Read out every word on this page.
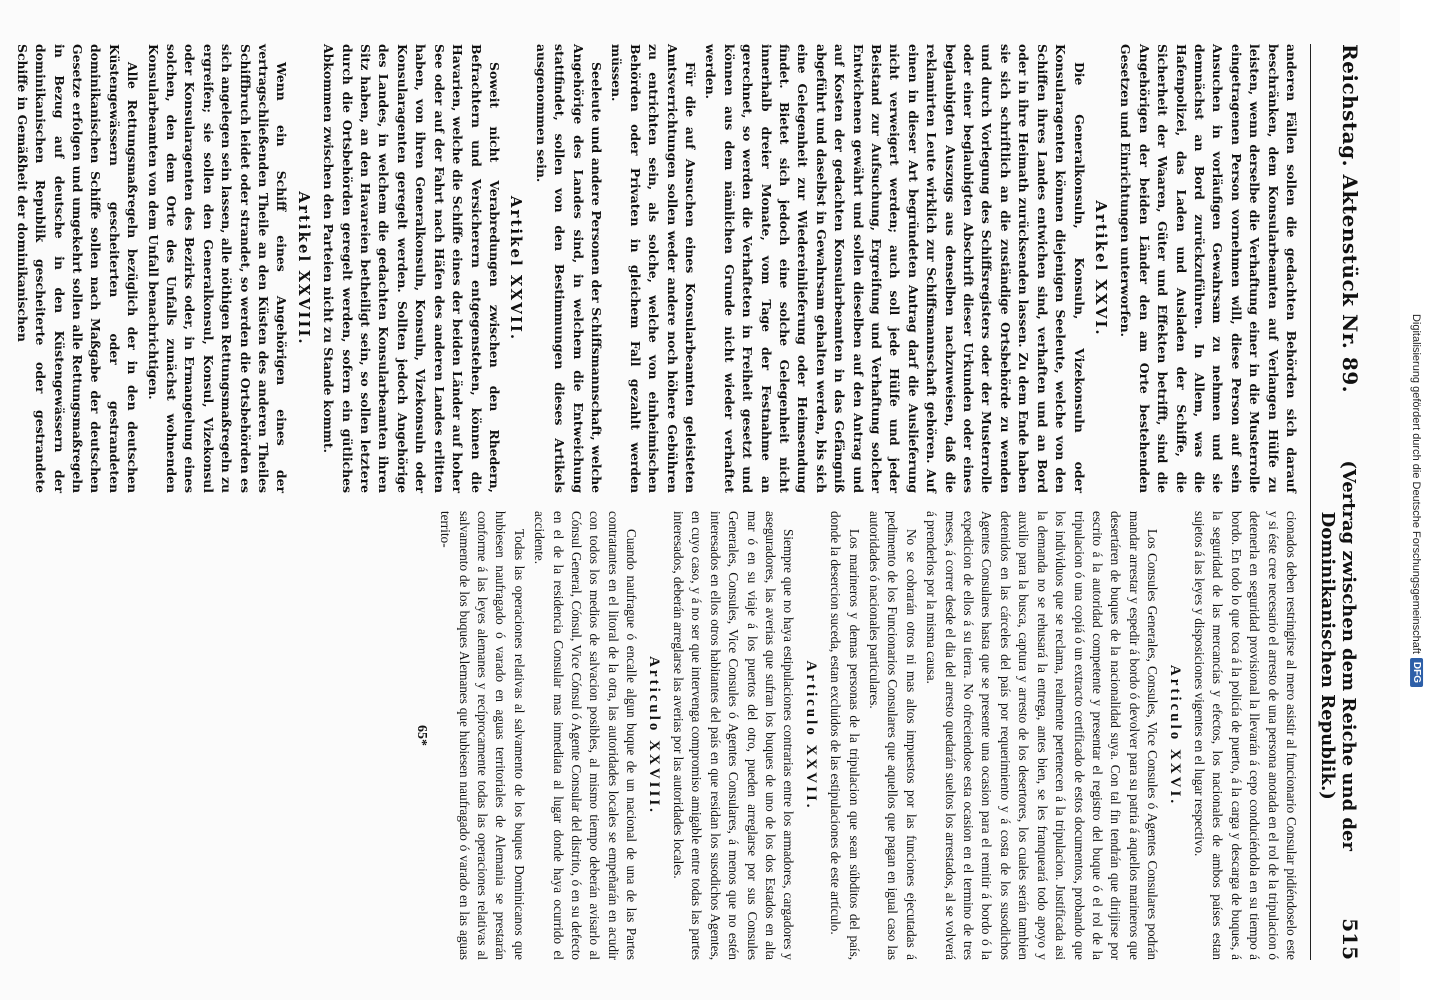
Reichstag. Aktenstück Nr. 89.
(Vertrag zwischen dem Reiche und der Dominikanischen Republik.)
515

anderen Fällen sollen die gedachten Behörden sich darauf beschränken, dem Konsularbeamten auf Verlangen Hülfe zu leisten, wenn derselbe die Verhaftung einer in die Musterrolle eingetragenen Person vornehmen will, diese Person auf sein Ansuchen in vorläufigen Gewahrsam zu nehmen und sie demnächst an Bord zurückzuführen. In Allem, was die Hafenpolizei, das Laden und Ausladen der Schiffe, die Sicherheit der Waaren, Güter und Effekten betrifft, sind die Angehörigen der beiden Länder den am Orte bestehenden Gesetzen und Einrichtungen unterworfen.

Artikel XXVI.

Die Generalkonsuln, Konsuln, Vizekonsuln oder Konsularagenten können diejenigen Seeleute, welche von den Schiffen ihres Landes entwichen sind, verhaften und an Bord oder in ihre Heimath zurücksenden lassen. Zu dem Ende haben sie sich schriftlich an die zuständige Ortsbehörde zu wenden und durch Vorlegung des Schiffsregisters oder der Musterrolle oder einer beglaubigten Abschrift dieser Urkunden oder eines beglaubigten Auszugs aus denselben nachzuweisen, daß die reklamirten Leute wirklich zur Schiffsmannschaft gehören. Auf einen in dieser Art begründeten Antrag darf die Auslieferung nicht verweigert werden; auch soll jede Hülfe und jeder Beistand zur Aufsuchung, Ergreifung und Verhaftung solcher Entwichenen gewährt und sollen dieselben auf den Antrag und auf Kosten der gedachten Konsularbeamten in das Gefängniß abgeführt und daselbst in Gewahrsam gehalten werden, bis sich eine Gelegenheit zur Wiedereinlieferung oder Heimsendung findet. Bietet sich jedoch eine solche Gelegenheit nicht innerhalb dreier Monate, vom Tage der Festnahme an gerechnet, so werden die Verhafteten in Freiheit gesetzt und können aus dem nämlichen Grunde nicht wieder verhaftet werden.

Für die auf Ansuchen eines Konsularbeamten geleisteten Amtsverrichtungen sollen weder andere noch höhere Gebühren zu entrichten sein, als solche, welche von einheimischen Behörden oder Privaten in gleichem Fall gezahlt werden müssen.

Seeleute und andere Personen der Schiffsmannschaft, welche Angehörige des Landes sind, in welchem die Entweichung stattfindet, sollen von den Bestimmungen dieses Artikels ausgenommen sein.

Artikel XXVII.

Soweit nicht Verabredungen zwischen den Rhedern, Befrachtern und Versicherern entgegenstehen, können die Havarien, welche die Schiffe eines der beiden Länder auf hoher See oder auf der Fahrt nach Häfen des anderen Landes erlitten haben, von ihren Generalkonsuln, Konsuln, Vizekonsuln oder Konsularagenten geregelt werden. Sollten jedoch Angehörige des Landes, in welchem die gedachten Konsularbeamten ihren Sitz haben, an den Havareien betheiligt sein, so sollen letztere durch die Ortsbehörden geregelt werden, sofern ein gütliches Abkommen zwischen den Parteien nicht zu Stande kommt.

Artikel XXVIII.

Wenn ein Schiff eines Angehörigen eines der vertragschließenden Theile an den Küsten des anderen Theiles Schiffbruch leidet oder strandet, so werden die Ortsbehörden es sich angelegen sein lassen, alle nöthigen Rettungsmaßregeln zu ergreifen; sie sollen den Generalkonsul, Konsul, Vizekonsul oder Konsularagenten des Bezirks oder, in Ermangelung eines solchen, den dem Orte des Unfalls zunächst wohnenden Konsularbeamten von dem Unfall benachrichtigen.

Alle Rettungsmaßregeln bezüglich der in den deutschen Küstengewässern gescheiterten oder gestrandeten dominikanischen Schiffe sollen nach Maßgabe der deutschen Gesetze erfolgen und umgekehrt sollen alle Rettungsmaßregeln in Bezug auf deutsche in den Küstengewässern der dominikanischen Republik gescheiterte oder gestrandete Schiffe in Gemäßheit der dominikanischen

cionados deben restringirse al mero asistir al funcionario Consular pidiéndoselo este y si éste cree necesario el arresto de una persona anotada en el rol de la tripulacion ó detenerla en seguridad provisional la llevarán á cepo conduciéndola en su tiempo á bordo. En todo lo que toca á la policía de puerto, á la carga y descarga de buques, á la seguridad de las mercancías y efectos, los nacionales de ambos países estan sujetos á las leyes y disposiciones vigentes en el lugar respectivo.

Articulo XXVI.

Los Consules Generales, Consules, Vice Consules ó Agentes Consulares podrán mandar arrestar y espedir á bordo ó devolver para su patria á aquellos marineros que desertáren de buques de la nacionalidad suya. Con tal fin tendrán que dirijirse por escrito á la autoridad competente y presentar el registro del buque ó el rol de la tripulacion ó una copiá ó un extracto certificado de estos documentos, probando que los individuos que se reclama, realmente pertenecen á la tripulacion. Justificada asi la demanda no se rehusará la entrega, antes bien, se les franqueará todo apoyo y auxilio para la busca, captura y arresto de los desertores, los cuales serán tambien detenidos en las cárceles del país por requerimiento y á costa de los susodichos Agentes Consulares hasta que se presente una ocasion para el remitir á bordo ó la expedicion de ellos á su tierra. No ofreciendose esta ocasion en el termino de tres meses, á correr desde el dia del arresto quedarán sueltos los arrestados, al se volverá á prenderlos por la misma causa.

No se cobrarán otros ni mas altos impuestos por las funciones ejecutadas á pedimento de los Funcionarios Consulares que aquellos que pagan en igual caso las autoridades ó nacionales particulares.

Los marineros y demas personas de la tripulacion que sean súbditos del país, donde la desercion suceda, estan excluidos de las estipulaciones de este artículo.

Articulo XXVII.

Siempre que no haya estipulaciones contrarias entre los armadores, cargadores y aseguradores, las averias que sufran los buques de uno de los dos Estados en alta mar ó en su viaje á los puertos del otro, pueden arreglarse por sus Consules Generales, Consules, Vice Consules ó Agentes Consulares, á menos que no estén interesados en ellos otros habitantes del país en que residan los susodichos Agentes, en cuyo caso, y á no ser que intervenga compromiso amigable entre todas las partes interesados, deberán arreglarse las averias por las autoridades locales.

Articulo XXVIII.

Cuando naufrague ó encalle algun buque de un nacional de una de las Partes contratantes en el litoral de la otra, las autoridades locales se empeñarán en acudir con todos los medios de salvacion posibles, al mismo tiempo deberán avisarlo al Cónsul General, Cónsul, Vice Cónsul ó Agente Consular del distrito, ó en su defecto en el de la residencia Consular mas inmediata al lugar donde haya ocurrido el accidente.

Todas las operaciones relativas al salvamento de los buques Dominicanos que hubiesen naufragado ó varado en aguas territoriales de Alemania se prestarán conforme á las leyes alemanes y recíprocamente todas las operaciones relativas al salvamento de los buques Alemanes que hubiesen naufragado ó varado en las aguas territo-

65*
Digitalisierung gefördert durch die Deutsche Forschungsgemeinschaft
DFG
